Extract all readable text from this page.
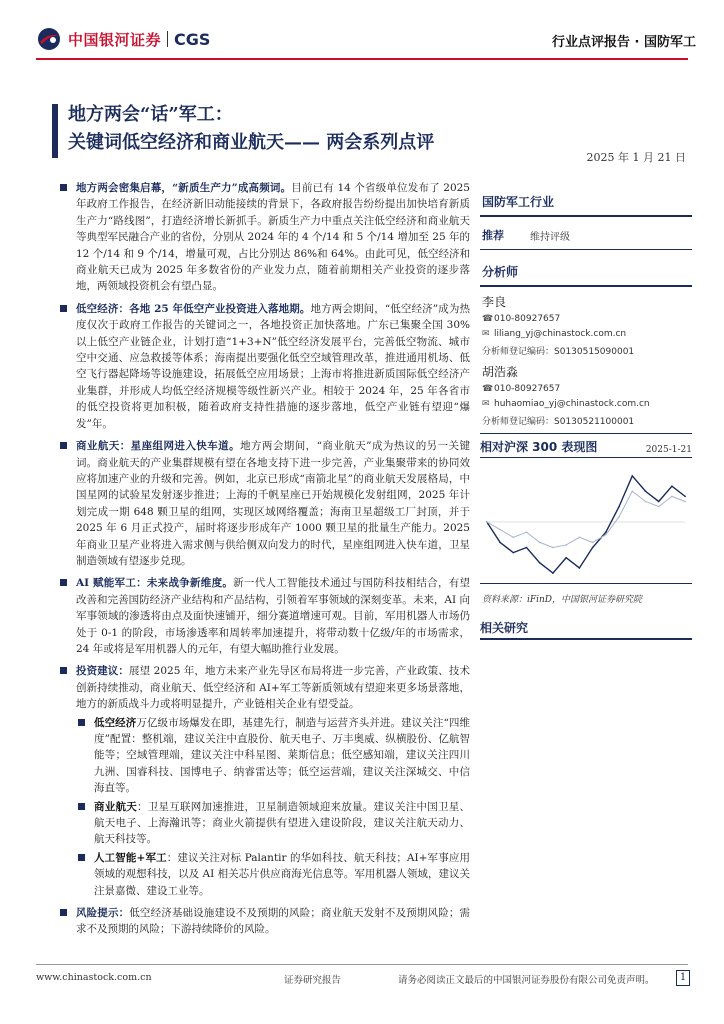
中国银河证券 CGS	行业点评报告 · 国防军工
地方两会“话”军工：
关键词低空经济和商业航天—— 两会系列点评
2025 年 1 月 21 日
地方两会密集启幕，“新质生产力”成高频词。目前已有 14 个省级单位发布了 2025 年政府工作报告，在经济新旧动能接续的背景下，各政府报告纷纷提出加快培育新质生产力“路线图”，打造经济增长新抓手。新质生产力中重点关注低空经济和商业航天等典型军民融合产业的省份，分别从 2024 年的 4 个/14 和 5 个/14 增加至 25 年的 12 个/14 和 9 个/14，增量可观，占比分别达 86%和 64%。由此可见，低空经济和商业航天已成为 2025 年多数省份的产业发力点，随着前期相关产业投资的逐步落地，两领域投资机会有望凸显。
低空经济：各地 25 年低空产业投资进入落地期。地方两会期间，“低空经济”成为热度仅次于政府工作报告的关键词之一，各地投资正加快落地。广东已集聚全国 30%以上低空产业链企业，计划打造“1+3+N”低空经济发展平台，完善低空物流、城市空中交通、应急救援等体系；海南提出要强化低空空域管理改革，推进通用机场、低空飞行器起降场等设施建设，拓展低空应用场景；上海市将推进新质国际低空经济产业集群，并形成人均低空经济规模等级性新兴产业。相较于 2024 年，25 年各省市的低空投资将更加积极，随着政府支持性措施的逐步落地，低空产业链有望迎“爆发”年。
商业航天：星座组网进入快车道。地方两会期间，“商业航天”成为热议的另一关键词。商业航天的产业集群规模有望在各地支持下进一步完善，产业集聚带来的协同效应将加速产业的升级和完善。例如，北京已形成“南箭北星”的商业航天发展格局，中国星网的试验星发射逐步推进；上海的千帆星座已开始规模化发射组网，2025 年计划完成一期 648 颗卫星的组网，实现区域网络覆盖；海南卫星超级工厂封顶，并于 2025 年 6 月正式投产，届时将逐步形成年产 1000 颗卫星的批量生产能力。2025 年商业卫星产业将进入需求侧与供给侧双向发力的时代，星座组网进入快车道，卫星制造领域有望逐步兑现。
AI 赋能军工：未来战争新维度。新一代人工智能技术通过与国防科技相结合，有望改善和完善国防经济产业结构和产品结构，引领着军事领域的深刻变革。未来，AI 向军事领域的渗透将由点及面快速铺开，细分赛道增速可观。目前，军用机器人市场仍处于 0-1 的阶段，市场渗透率和周转率加速提升，将带动数十亿级/年的市场需求，24 年或将是军用机器人的元年，有望大幅助推行业发展。
投资建议：展望 2025 年，地方未来产业先导区布局将进一步完善，产业政策、技术创新持续推动，商业航天、低空经济和 AI+军工等新质领域有望迎来更多场景落地，地方的新质战斗力或将明显提升，产业链相关企业有望受益。
低空经济万亿级市场爆发在即，基建先行，制造与运营齐头并进。建议关注“四维度”配置：整机端，建议关注中直股份、航天电子、万丰奥威、纵横股份、亿航智能等；空域管理端，建议关注中科星图、莱斯信息；低空感知端，建议关注四川九洲、国睿科技、国博电子、纳睿雷达等；低空运营端，建议关注深城交、中信海直等。
商业航天：卫星互联网加速推进，卫星制造领域迎来放量。建议关注中国卫星、航天电子、上海瀚讯等；商业火箭提供有望进入建设阶段，建议关注航天动力、航天科技等。
人工智能+军工：建议关注对标 Palantir 的华如科技、航天科技；AI+军事应用领域的观想科技，以及 AI 相关芯片供应商海光信息等。军用机器人领域，建议关注景嘉微、建设工业等。
风险提示：低空经济基础设施建设不及预期的风险；商业航天发射不及预期风险；需求不及预期的风险；下游持续降价的风险。
国防军工行业
推荐	维持评级
分析师
李良
☎ 010-80927657
✉ liliang_yj@chinastock.com.cn
分析师登记编码：S0130515090001
胡浩淼
☎ 010-80927657
✉ huhaomiao_yj@chinastock.com.cn
分析师登记编码：S0130521100001
相对沪深 300 表现图	2025-1-21
资料来源：iFinD，中国银河证券研究院
相关研究
www.chinastock.com.cn	证券研究报告	请务必阅读正文最后的中国银河证券股份有限公司免责声明。	1
